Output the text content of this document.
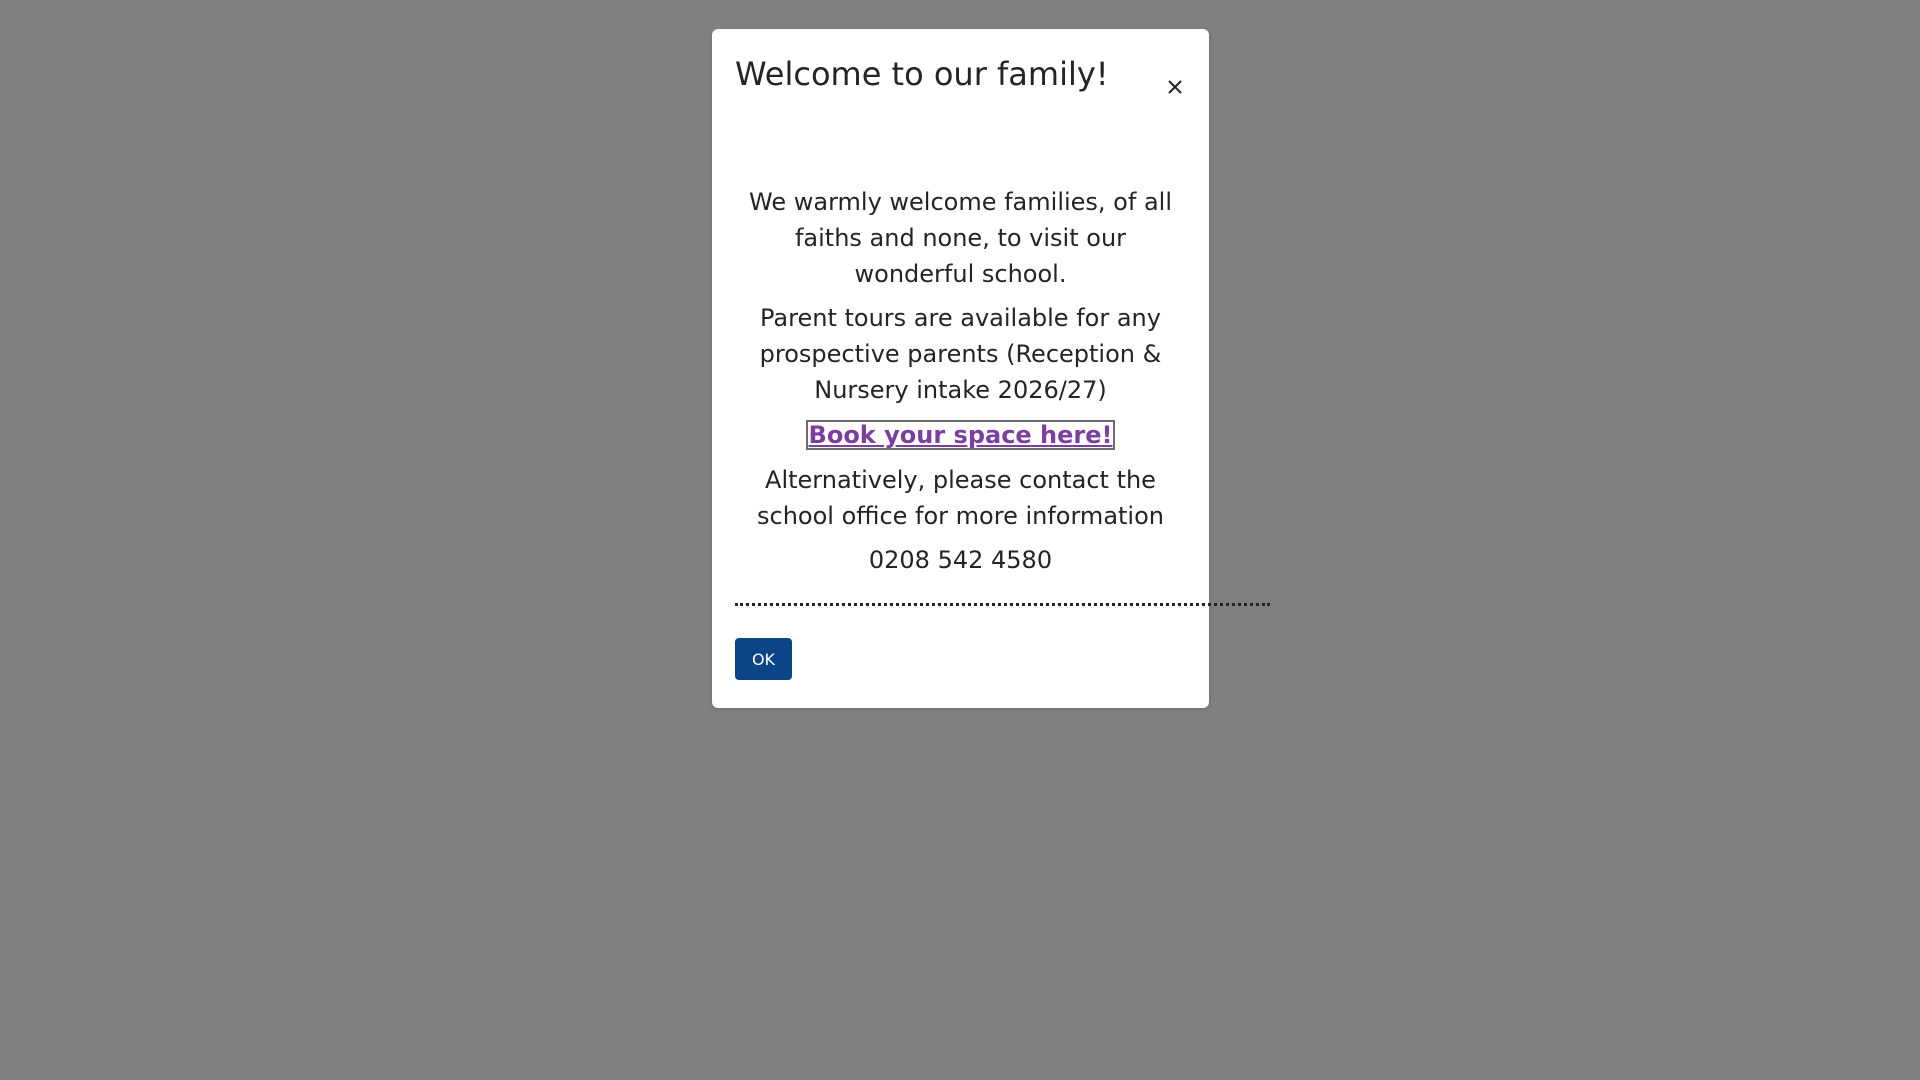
Welcome to our family!

We warmly welcome families, of all faiths and none, to visit our wonderful school.

Parent tours are available for any prospective parents (Reception & Nursery intake 2026/27)

Book your space here!

Alternatively, please contact the school office for more information

0208 542 4580

OK
